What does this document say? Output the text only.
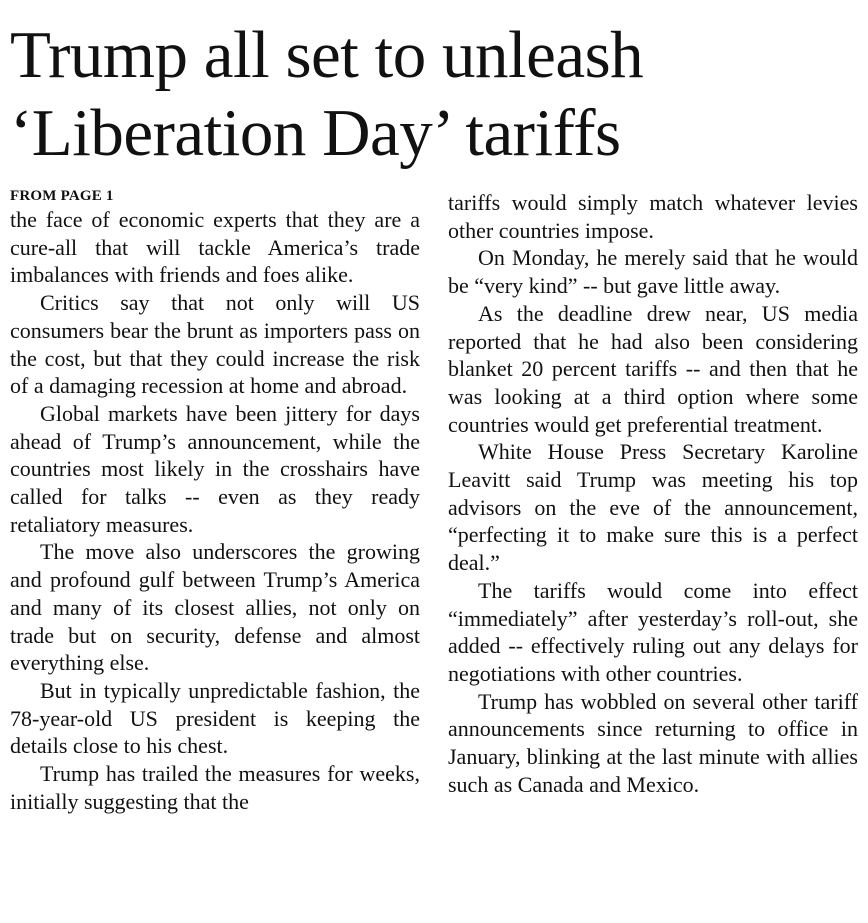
Trump all set to unleash
‘Liberation Day’ tariffs
FROM PAGE 1

the face of economic experts that they are a cure-all that will tackle America’s trade imbalances with friends and foes alike.

Critics say that not only will US consumers bear the brunt as importers pass on the cost, but that they could increase the risk of a damaging recession at home and abroad.

Global markets have been jittery for days ahead of Trump’s announcement, while the countries most likely in the crosshairs have called for talks -- even as they ready retaliatory measures.

The move also underscores the growing and profound gulf between Trump’s America and many of its closest allies, not only on trade but on security, defense and almost everything else.

But in typically unpredictable fashion, the 78-year-old US president is keeping the details close to his chest.

Trump has trailed the measures for weeks, initially suggesting that the

tariffs would simply match whatever levies other countries impose.

On Monday, he merely said that he would be “very kind” -- but gave little away.

As the deadline drew near, US media reported that he had also been considering blanket 20 percent tariffs -- and then that he was looking at a third option where some countries would get preferential treatment.

White House Press Secretary Karoline Leavitt said Trump was meeting his top advisors on the eve of the announcement, “perfecting it to make sure this is a perfect deal.”

The tariffs would come into effect “immediately” after yesterday’s roll-out, she added -- effectively ruling out any delays for negotiations with other countries.

Trump has wobbled on several other tariff announcements since returning to office in January, blinking at the last minute with allies such as Canada and Mexico.
